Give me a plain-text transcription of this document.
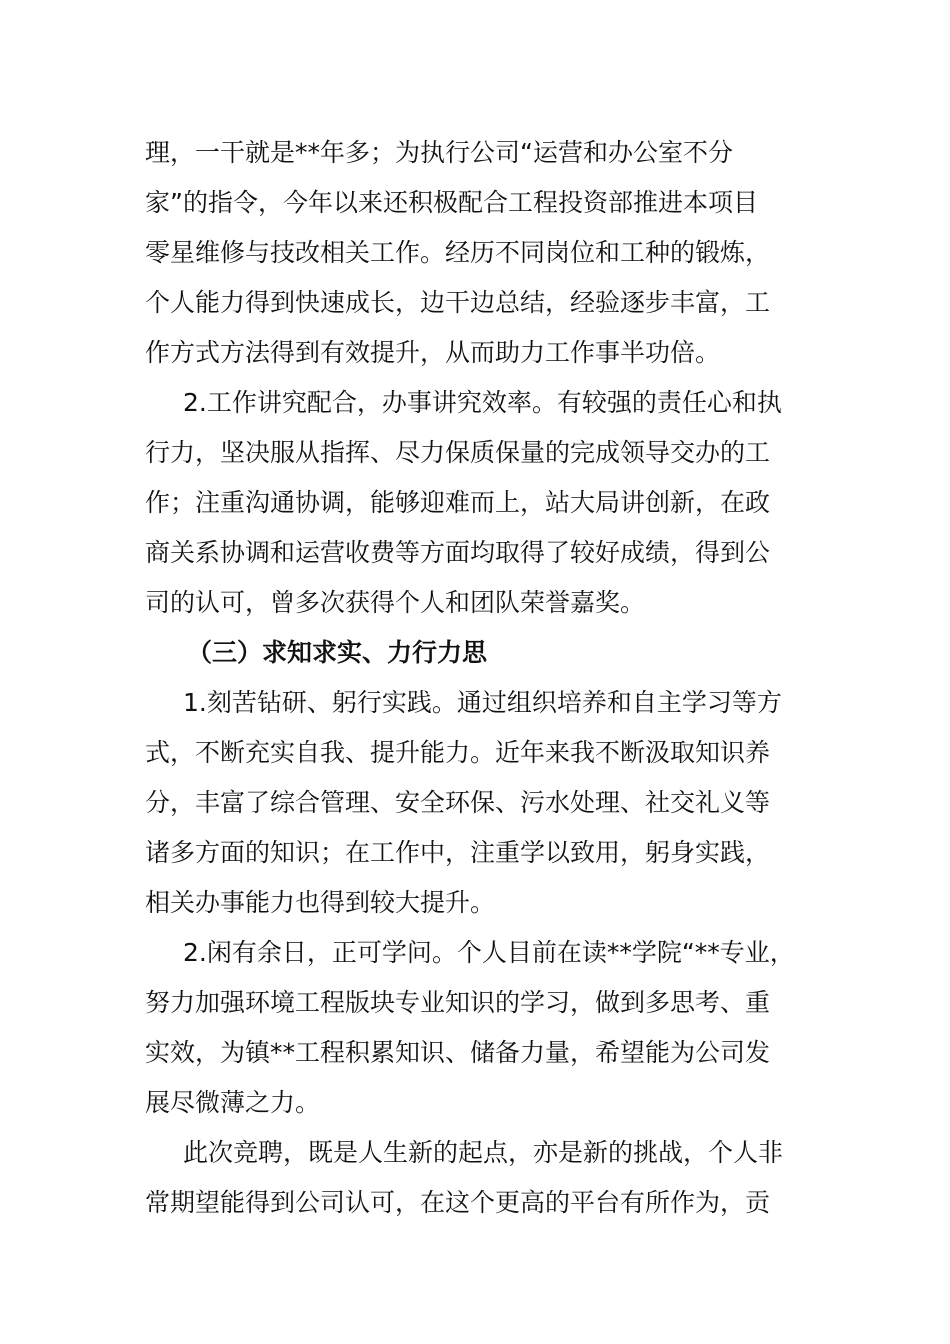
理，一干就是**年多；为执行公司“运营和办公室不分
家”的指令，今年以来还积极配合工程投资部推进本项目
零星维修与技改相关工作。经历不同岗位和工种的锻炼，
个人能力得到快速成长，边干边总结，经验逐步丰富，工
作方式方法得到有效提升，从而助力工作事半功倍。
2.工作讲究配合，办事讲究效率。有较强的责任心和执
行力，坚决服从指挥、尽力保质保量的完成领导交办的工
作；注重沟通协调，能够迎难而上，站大局讲创新，在政
商关系协调和运营收费等方面均取得了较好成绩，得到公
司的认可，曾多次获得个人和团队荣誉嘉奖。
（三）求知求实、力行力思
1.刻苦钻研、躬行实践。通过组织培养和自主学习等方
式，不断充实自我、提升能力。近年来我不断汲取知识养
分，丰富了综合管理、安全环保、污水处理、社交礼义等
诸多方面的知识；在工作中，注重学以致用，躬身实践，
相关办事能力也得到较大提升。
2.闲有余日，正可学问。个人目前在读**学院“**专业，
努力加强环境工程版块专业知识的学习，做到多思考、重
实效，为镇**工程积累知识、储备力量，希望能为公司发
展尽微薄之力。
此次竞聘，既是人生新的起点，亦是新的挑战，个人非
常期望能得到公司认可，在这个更高的平台有所作为，贡
